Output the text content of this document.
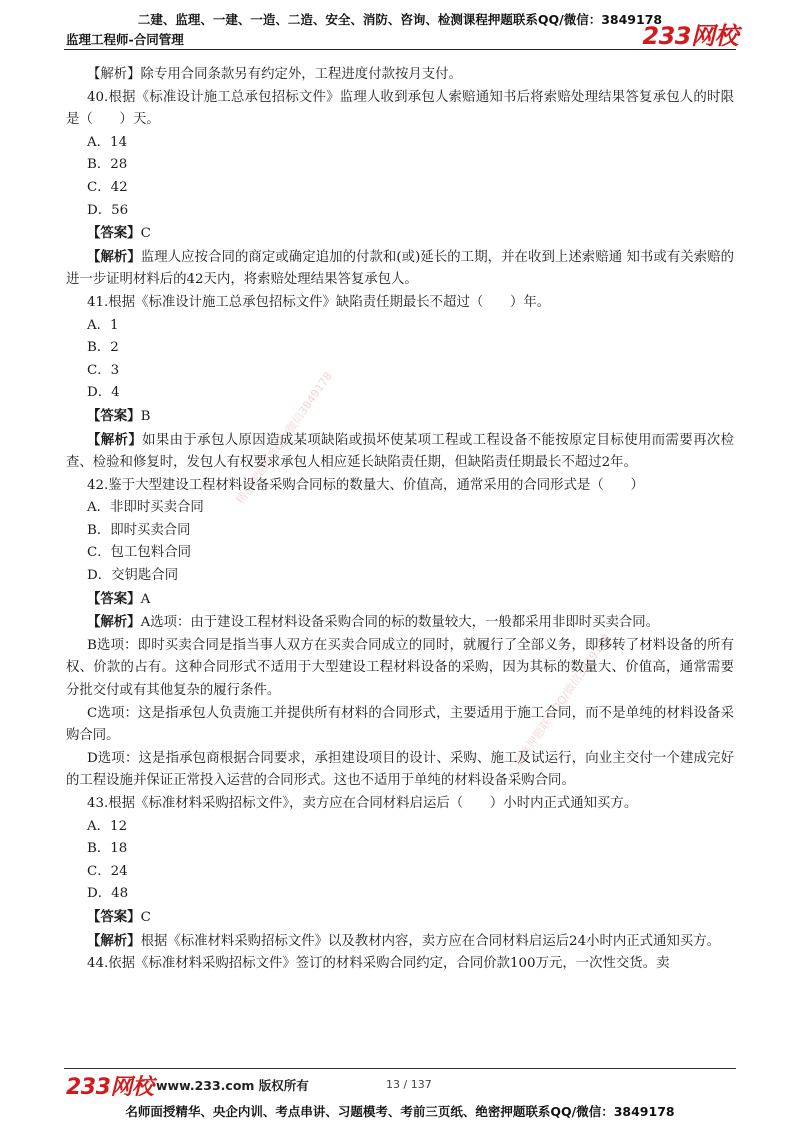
二建、监理、一建、一造、二造、安全、消防、咨询、检测课程押题联系QQ/微信：3849178
监理工程师-合同管理	233网校
精准押题联系QQ/微信3849178
精准押题联系QQ/微信3849178

【解析】除专用合同条款另有约定外，工程进度付款按月支付。

40.根据《标准设计施工总承包招标文件》监理人收到承包人索赔通知书后将索赔处理结果答复承包人的时限是（　　）天。

A．14

B．28

C．42

D．56

【答案】C

【解析】监理人应按合同的商定或确定追加的付款和(或)延长的工期，并在收到上述索赔通 知书或有关索赔的进一步证明材料后的42天内，将索赔处理结果答复承包人。

41.根据《标准设计施工总承包招标文件》缺陷责任期最长不超过（　　）年。

A．1

B．2

C．3

D．4

【答案】B

【解析】如果由于承包人原因造成某项缺陷或损坏使某项工程或工程设备不能按原定目标使用而需要再次检查、检验和修复时，发包人有权要求承包人相应延长缺陷责任期，但缺陷责任期最长不超过2年。

42.鉴于大型建设工程材料设备采购合同标的数量大、价值高，通常采用的合同形式是（　　）

A．非即时买卖合同

B．即时买卖合同

C．包工包料合同

D．交钥匙合同

【答案】A

【解析】A选项：由于建设工程材料设备采购合同的标的数量较大，一般都采用非即时买卖合同。

B选项：即时买卖合同是指当事人双方在买卖合同成立的同时，就履行了全部义务，即移转了材料设备的所有权、价款的占有。这种合同形式不适用于大型建设工程材料设备的采购，因为其标的数量大、价值高，通常需要分批交付或有其他复杂的履行条件。

C选项：这是指承包人负责施工并提供所有材料的合同形式，主要适用于施工合同，而不是单纯的材料设备采购合同。

D选项：这是指承包商根据合同要求，承担建设项目的设计、采购、施工及试运行，向业主交付一个建成完好的工程设施并保证正常投入运营的合同形式。这也不适用于单纯的材料设备采购合同。

43.根据《标准材料采购招标文件》，卖方应在合同材料启运后（　　）小时内正式通知买方。

A．12

B．18

C．24

D．48

【答案】C

【解析】根据《标准材料采购招标文件》以及教材内容，卖方应在合同材料启运后24小时内正式通知买方。

44.依据《标准材料采购招标文件》签订的材料采购合同约定，合同价款100万元，一次性交货。卖

233网校 www.233.com 版权所有	13 / 137
名师面授精华、央企内训、考点串讲、习题模考、考前三页纸、绝密押题联系QQ/微信：3849178
